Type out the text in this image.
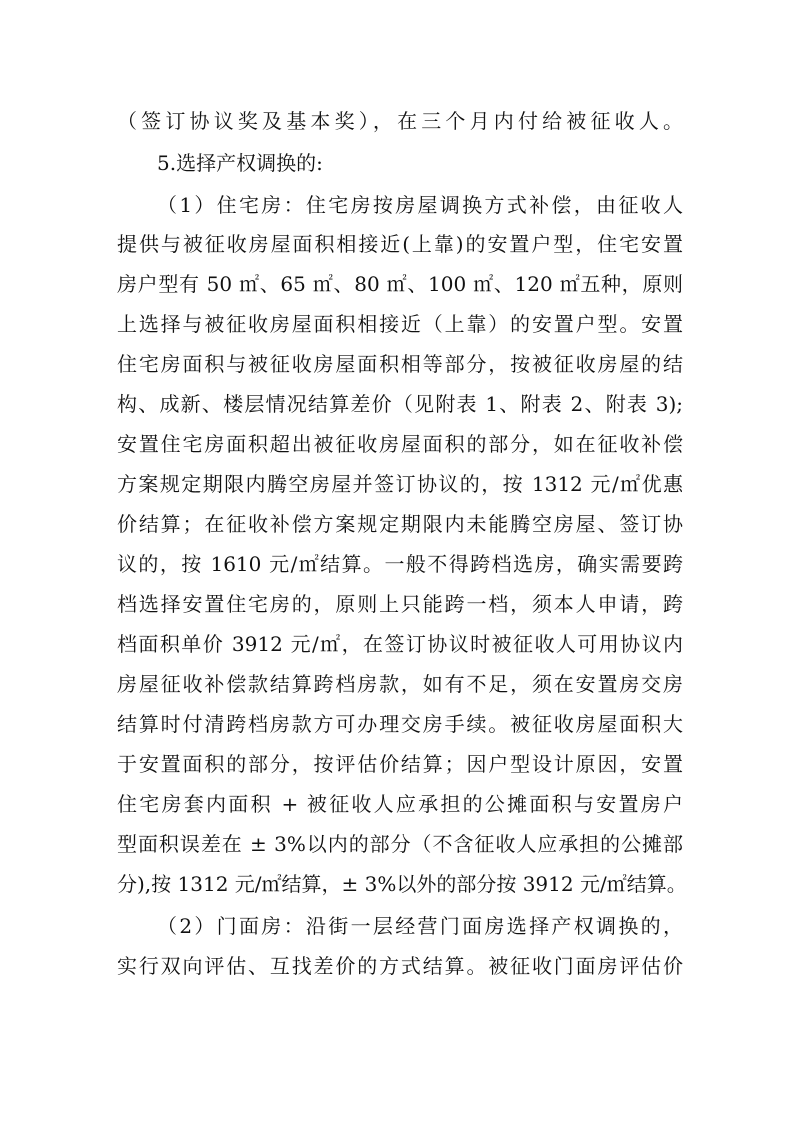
（签订协议奖及基本奖），在三个月内付给被征收人。
5.选择产权调换的:
（1）住宅房：住宅房按房屋调换方式补偿，由征收人
提供与被征收房屋面积相接近(上靠)的安置户型，住宅安置
房户型有 50 ㎡、65 ㎡、80 ㎡、100 ㎡、120 ㎡五种，原则
上选择与被征收房屋面积相接近（上靠）的安置户型。安置
住宅房面积与被征收房屋面积相等部分，按被征收房屋的结
构、成新、楼层情况结算差价（见附表 1、附表 2、附表 3);
安置住宅房面积超出被征收房屋面积的部分，如在征收补偿
方案规定期限内腾空房屋并签订协议的，按 1312 元/㎡优惠
价结算；在征收补偿方案规定期限内未能腾空房屋、签订协
议的，按 1610 元/㎡结算。一般不得跨档选房，确实需要跨
档选择安置住宅房的，原则上只能跨一档，须本人申请，跨
档面积单价 3912 元/㎡，在签订协议时被征收人可用协议内
房屋征收补偿款结算跨档房款，如有不足，须在安置房交房
结算时付清跨档房款方可办理交房手续。被征收房屋面积大
于安置面积的部分，按评估价结算；因户型设计原因，安置
住宅房套内面积 + 被征收人应承担的公摊面积与安置房户
型面积误差在 ± 3%以内的部分（不含征收人应承担的公摊部
分),按 1312 元/㎡结算，± 3%以外的部分按 3912 元/㎡结算。
（2）门面房：沿街一层经营门面房选择产权调换的，
实行双向评估、互找差价的方式结算。被征收门面房评估价
